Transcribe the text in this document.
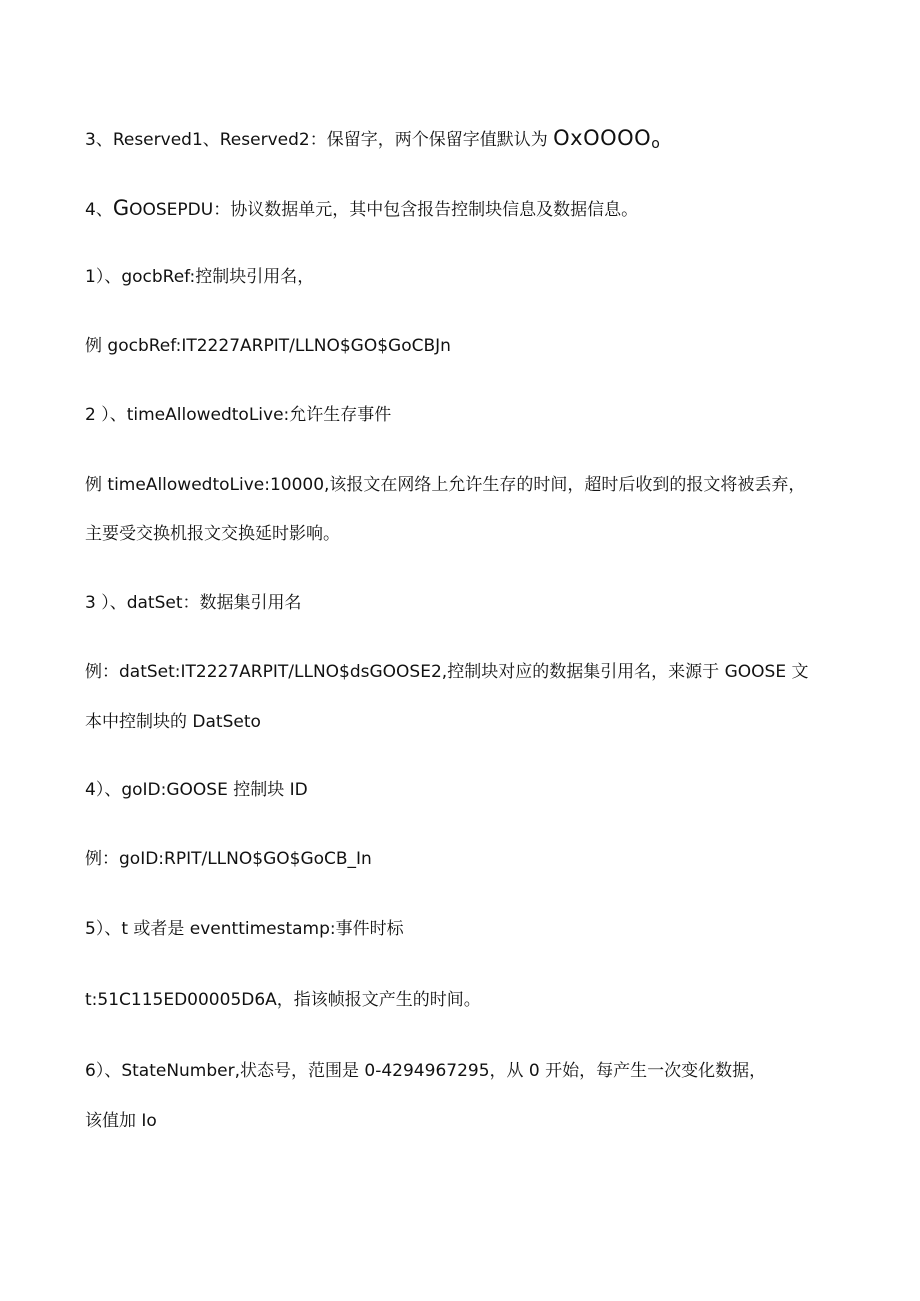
3、Reserved1、Reserved2：保留字，两个保留字值默认为 OxOOOO$_o$
4、GOOSEPDU：协议数据单元，其中包含报告控制块信息及数据信息。
1）、gocbRef:控制块引用名，
例 gocbRef:IT2227ARPIT/LLNO$GO$GoCBJn
2 ）、timeAllowedtoLive:允许生存事件
例 timeAllowedtoLive:10000,该报文在网络上允许生存的时间，超时后收到的报文将被丢弃，
主要受交换机报文交换延时影响。
3 ）、datSet：数据集引用名
例：datSet:IT2227ARPIT/LLNO$dsGOOSE2,控制块对应的数据集引用名，来源于 GOOSE 文
本中控制块的 DatSeto
4）、goID:GOOSE 控制块 ID
例：goID:RPIT/LLNO$GO$GoCB_In
5）、t 或者是 eventtimestamp:事件时标
t:51C115ED00005D6A，指该帧报文产生的时间。
6）、StateNumber,状态号，范围是 0-4294967295，从 0 开始，每产生一次变化数据，
该值加 Io
